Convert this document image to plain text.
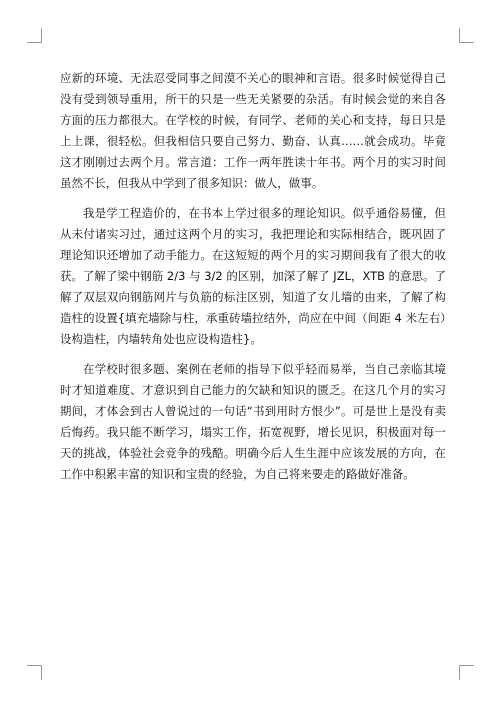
应新的环境、无法忍受同事之间漠不关心的眼神和言语。很多时候觉得自己没有受到领导重用，所干的只是一些无关紧要的杂活。有时候会觉的来自各方面的压力都很大。在学校的时候，有同学、老师的关心和支持，每日只是上上课，很轻松。但我相信只要自己努力、勤奋、认真……就会成功。毕竟这才刚刚过去两个月。常言道：工作一两年胜读十年书。两个月的实习时间虽然不长，但我从中学到了很多知识：做人，做事。

我是学工程造价的，在书本上学过很多的理论知识。似乎通俗易懂，但从未付诸实习过，通过这两个月的实习，我把理论和实际相结合，既巩固了理论知识还增加了动手能力。在这短短的两个月的实习期间我有了很大的收获。了解了梁中钢筋 2/3 与 3/2 的区别，加深了解了 JZL，XTB 的意思。了解了双层双向钢筋网片与负筋的标注区别，知道了女儿墙的由来，了解了构造柱的设置{填充墙除与柱，承重砖墙拉结外，尚应在中间（间距 4 米左右）设构造柱，内墙转角处也应设构造柱}。

在学校时很多题、案例在老师的指导下似乎轻而易举，当自己亲临其境时才知道难度、才意识到自己能力的欠缺和知识的匮乏。在这几个月的实习期间，才体会到古人曾说过的一句话“书到用时方恨少”。可是世上是没有卖后悔药。我只能不断学习，塌实工作，拓宽视野，增长见识，积极面对每一天的挑战，体验社会竞争的残酷。明确今后人生生涯中应该发展的方向，在工作中积累丰富的知识和宝贵的经验，为自己将来要走的路做好准备。
